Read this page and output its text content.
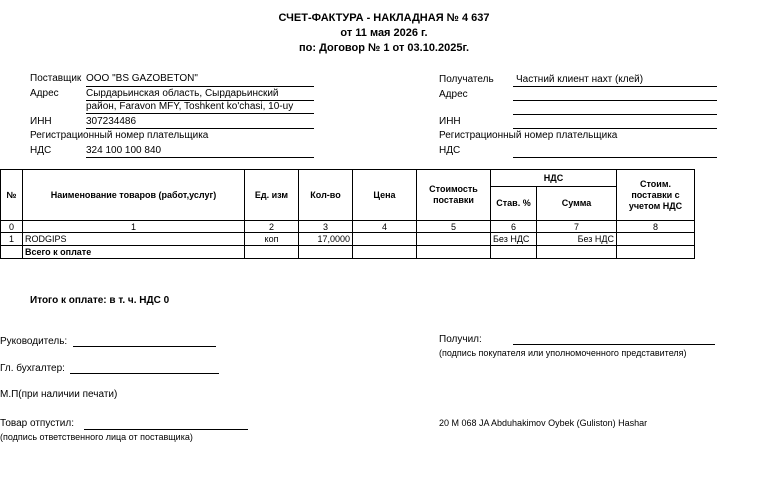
СЧЕТ-ФАКТУРА - НАКЛАДНАЯ № 4 637
от 11 мая 2026 г.
по: Договор № 1 от 03.10.2025г.
Поставщик ООО "BS GAZOBETON"
Адрес	Сырдарьинская область, Сырдарьинский
район, Faravon MFY, Toshkent ko'chasi, 10-uy
ИНН	307234486
Регистрационный номер плательщика
НДС	324 100 100 840
Получатель Частний клиент нахт (клей)
Адрес
ИНН
Регистрационный номер плательщика
НДС
№	Наименование товаров (работ,услуг)	Ед. изм	Кол-во	Цена	Стоимость поставки	НДС		Стоим. поставки с учетом НДС
						Став. %	Сумма	
0	1	2	3	4	5	6	7	8
1	RODGIPS	коп	17,0000			Без НДС	Без НДС	
	Всего к оплате							
Итого к оплате: в т. ч. НДС 0
Руководитель:
Гл. бухгалтер:
М.П(при наличии печати)
Товар отпустил:
(подпись ответственного лица от поставщика)
Получил:
(подпись покупателя или уполномоченного представителя)
20 M 068 JA Abduhakimov Oybek (Guliston) Hashar
